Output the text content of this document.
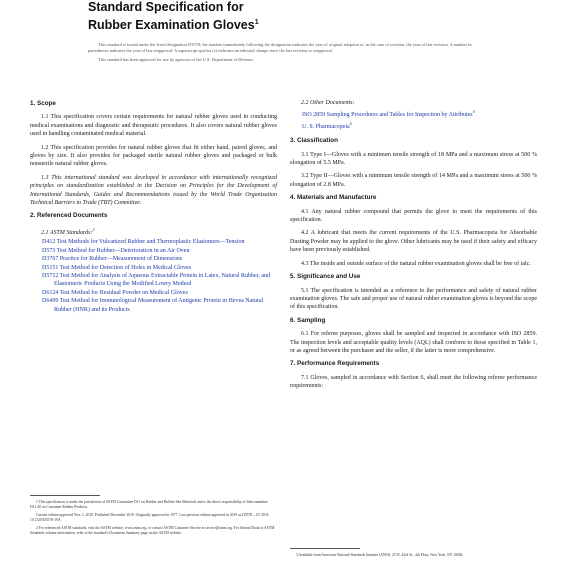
Standard Specification for
Rubber Examination Gloves$^1$

This standard is issued under the fixed designation D3578; the number immediately following the designation indicates the year of original adoption or, in the case of revision, the year of last revision. A number in parentheses indicates the year of last reapproval. A superscript epsilon (ε) indicates an editorial change since the last revision or reapproval.

This standard has been approved for use by agencies of the U.S. Department of Defense.

1. Scope
1.1 This specification covers certain requirements for natural rubber gloves used in conducting medical examinations and diagnostic and therapeutic procedures. It also covers natural rubber gloves used in handling contaminated medical material.
1.2 This specification provides for natural rubber gloves that fit either hand, paired gloves, and gloves by size. It also provides for packaged sterile natural rubber gloves and packaged or bulk nonsterile natural rubber gloves.
1.3 This international standard was developed in accordance with internationally recognized principles on standardization established in the Decision on Principles for the Development of International Standards, Guides and Recommendations issued by the World Trade Organization Technical Barriers to Trade (TBT) Committee.
2. Referenced Documents
2.1 ASTM Standards:$^2$
D412 Test Methods for Vulcanized Rubber and Thermoplastic Elastomers—Tension
D573 Test Method for Rubber—Deterioration in an Air Oven
D3767 Practice for Rubber—Measurement of Dimensions
D5151 Test Method for Detection of Holes in Medical Gloves
D5712 Test Method for Analysis of Aqueous Extractable Protein in Latex, Natural Rubber, and Elastomeric Products Using the Modified Lowry Method
D6124 Test Method for Residual Powder on Medical Gloves
D6499 Test Method for Immunological Measurement of Antigenic Protein in Hevea Natural Rubber (HNR) and its Products

1 This specification is under the jurisdiction of ASTM Committee D11 on Rubber and Rubber-like Materials and is the direct responsibility of Subcommittee D11.40 on Consumer Rubber Products.

Current edition approved Nov. 1, 2019. Published December 2019. Originally approved in 1977. Last previous edition approved in 2019 as D3578 – 19. DOI: 10.1520/D3578-19A.

2 For referenced ASTM standards, visit the ASTM website, www.astm.org, or contact ASTM Customer Service at service@astm.org. For Annual Book of ASTM Standards volume information, refer to the standard's Document Summary page on the ASTM website.

2.2 Other Documents:
ISO 2859 Sampling Procedures and Tables for Inspection by Attributes$^3$
U. S. Pharmacopeia$^4$
3. Classification
3.1 Type I—Gloves with a minimum tensile strength of 18 MPa and a maximum stress at 500 % elongation of 5.5 MPa.
3.2 Type II—Gloves with a minimum tensile strength of 14 MPa and a maximum stress at 500 % elongation of 2.8 MPa.
4. Materials and Manufacture
4.1 Any natural rubber compound that permits the glove to meet the requirements of this specification.
4.2 A lubricant that meets the current requirements of the U.S. Pharmacopeia for Absorbable Dusting Powder may be applied to the glove. Other lubricants may be used if their safety and efficacy have been previously established.
4.3 The inside and outside surface of the natural rubber examination gloves shall be free of talc.
5. Significance and Use
5.1 The specification is intended as a reference to the performance and safety of natural rubber examination gloves. The safe and proper use of natural rubber examination gloves is beyond the scope of this specification.
6. Sampling
6.1 For referee purposes, gloves shall be sampled and inspected in accordance with ISO 2859. The inspection levels and acceptable quality levels (AQL) shall conform to those specified in Table 1, or as agreed between the purchaser and the seller, if the latter is more comprehensive.
7. Performance Requirements
7.1 Gloves, sampled in accordance with Section 6, shall meet the following referee performance requirements:

3 Available from American National Standards Institute (ANSI), 25 W. 43rd St., 4th Floor, New York, NY 10036.
